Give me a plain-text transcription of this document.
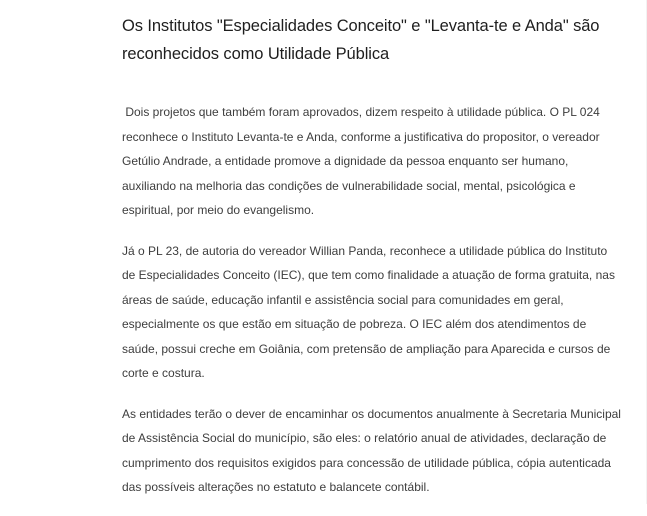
Os Institutos "Especialidades Conceito" e "Levanta-te e Anda" são reconhecidos como Utilidade Pública

Dois projetos que também foram aprovados, dizem respeito à utilidade pública. O PL 024 reconhece o Instituto Levanta-te e Anda, conforme a justificativa do propositor, o vereador Getúlio Andrade, a entidade promove a dignidade da pessoa enquanto ser humano, auxiliando na melhoria das condições de vulnerabilidade social, mental, psicológica e espiritual, por meio do evangelismo.

Já o PL 23, de autoria do vereador Willian Panda, reconhece a utilidade pública do Instituto de Especialidades Conceito (IEC), que tem como finalidade a atuação de forma gratuita, nas áreas de saúde, educação infantil e assistência social para comunidades em geral, especialmente os que estão em situação de pobreza. O IEC além dos atendimentos de saúde, possui creche em Goiânia, com pretensão de ampliação para Aparecida e cursos de corte e costura.

As entidades terão o dever de encaminhar os documentos anualmente à Secretaria Municipal de Assistência Social do município, são eles: o relatório anual de atividades, declaração de cumprimento dos requisitos exigidos para concessão de utilidade pública, cópia autenticada das possíveis alterações no estatuto e balancete contábil.
